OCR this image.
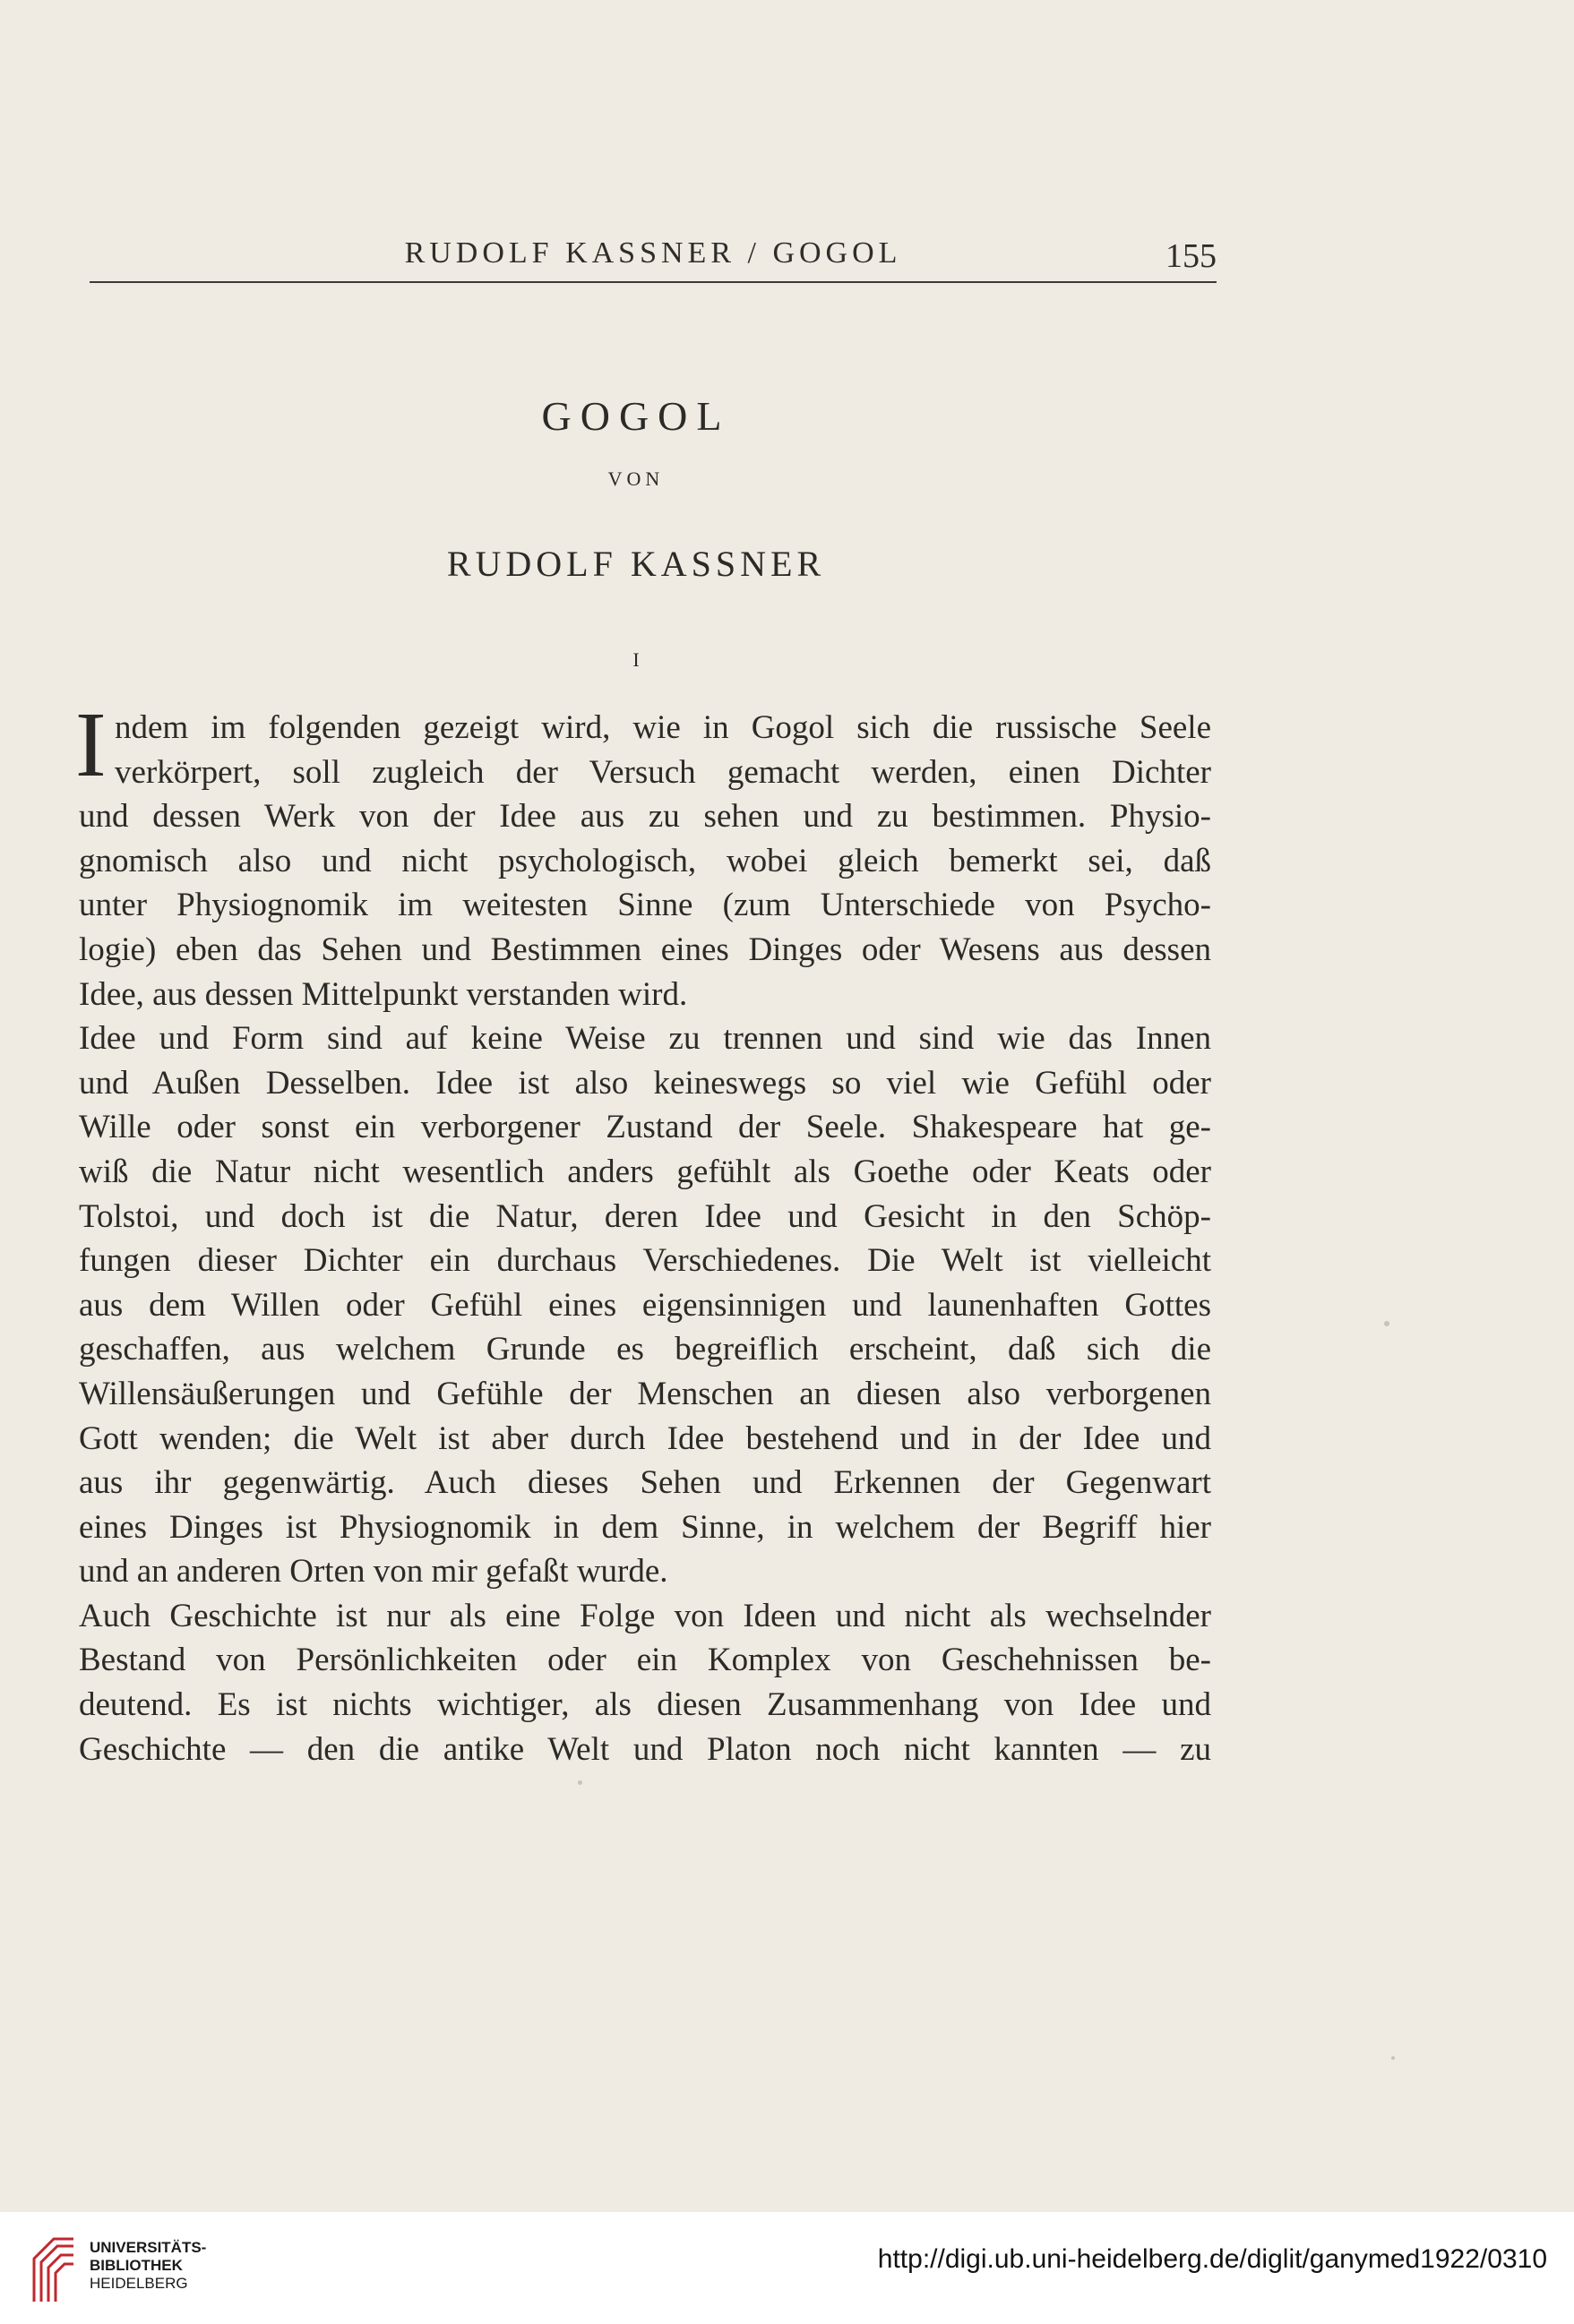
RUDOLF KASSNER / GOGOL	155
GOGOL
VON
RUDOLF KASSNER
I
I ndem im folgenden gezeigt wird, wie in Gogol sich die russische Seele
verkörpert, soll zugleich der Versuch gemacht werden, einen Dichter
und dessen Werk von der Idee aus zu sehen und zu bestimmen. Physio-
gnomisch also und nicht psychologisch, wobei gleich bemerkt sei, daß
unter Physiognomik im weitesten Sinne (zum Unterschiede von Psycho-
logie) eben das Sehen und Bestimmen eines Dinges oder Wesens aus dessen
Idee, aus dessen Mittelpunkt verstanden wird.
Idee und Form sind auf keine Weise zu trennen und sind wie das Innen
und Außen Desselben. Idee ist also keineswegs so viel wie Gefühl oder
Wille oder sonst ein verborgener Zustand der Seele. Shakespeare hat ge-
wiß die Natur nicht wesentlich anders gefühlt als Goethe oder Keats oder
Tolstoi, und doch ist die Natur, deren Idee und Gesicht in den Schöp-
fungen dieser Dichter ein durchaus Verschiedenes. Die Welt ist vielleicht
aus dem Willen oder Gefühl eines eigensinnigen und launenhaften Gottes
geschaffen, aus welchem Grunde es begreiflich erscheint, daß sich die
Willensäußerungen und Gefühle der Menschen an diesen also verborgenen
Gott wenden; die Welt ist aber durch Idee bestehend und in der Idee und
aus ihr gegenwärtig. Auch dieses Sehen und Erkennen der Gegenwart
eines Dinges ist Physiognomik in dem Sinne, in welchem der Begriff hier
und an anderen Orten von mir gefaßt wurde.
Auch Geschichte ist nur als eine Folge von Ideen und nicht als wechselnder
Bestand von Persönlichkeiten oder ein Komplex von Geschehnissen be-
deutend. Es ist nichts wichtiger, als diesen Zusammenhang von Idee und
Geschichte — den die antike Welt und Platon noch nicht kannten — zu
UNIVERSITÄTS-
BIBLIOTHEK
HEIDELBERG
http://digi.ub.uni-heidelberg.de/diglit/ganymed1922/0310
